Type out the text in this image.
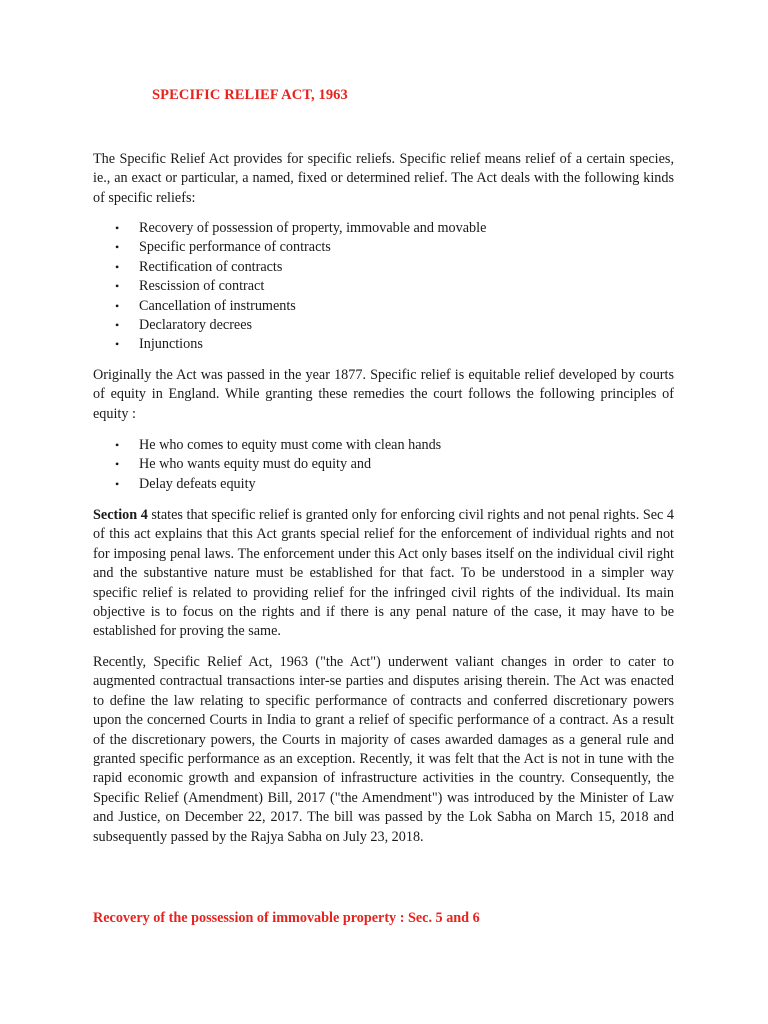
SPECIFIC RELIEF ACT, 1963

The Specific Relief Act provides for specific reliefs. Specific relief means relief of a certain species, ie., an exact or particular, a named, fixed or determined relief. The Act deals with the following kinds of specific reliefs:

• Recovery of possession of property, immovable and movable
• Specific performance of contracts
• Rectification of contracts
• Rescission of contract
• Cancellation of instruments
• Declaratory decrees
• Injunctions

Originally the Act was passed in the year 1877. Specific relief is equitable relief developed by courts of equity in England. While granting these remedies the court follows the following principles of equity :

• He who comes to equity must come with clean hands
• He who wants equity must do equity and
• Delay defeats equity

Section 4 states that specific relief is granted only for enforcing civil rights and not penal rights. Sec 4 of this act explains that this Act grants special relief for the enforcement of individual rights and not for imposing penal laws. The enforcement under this Act only bases itself on the individual civil right and the substantive nature must be established for that fact. To be understood in a simpler way specific relief is related to providing relief for the infringed civil rights of the individual. Its main objective is to focus on the rights and if there is any penal nature of the case, it may have to be established for proving the same.

Recently, Specific Relief Act, 1963 ("the Act") underwent valiant changes in order to cater to augmented contractual transactions inter-se parties and disputes arising therein. The Act was enacted to define the law relating to specific performance of contracts and conferred discretionary powers upon the concerned Courts in India to grant a relief of specific performance of a contract. As a result of the discretionary powers, the Courts in majority of cases awarded damages as a general rule and granted specific performance as an exception. Recently, it was felt that the Act is not in tune with the rapid economic growth and expansion of infrastructure activities in the country. Consequently, the Specific Relief (Amendment) Bill, 2017 ("the Amendment") was introduced by the Minister of Law and Justice, on December 22, 2017. The bill was passed by the Lok Sabha on March 15, 2018 and subsequently passed by the Rajya Sabha on July 23, 2018.

Recovery of the possession of immovable property : Sec. 5 and 6
